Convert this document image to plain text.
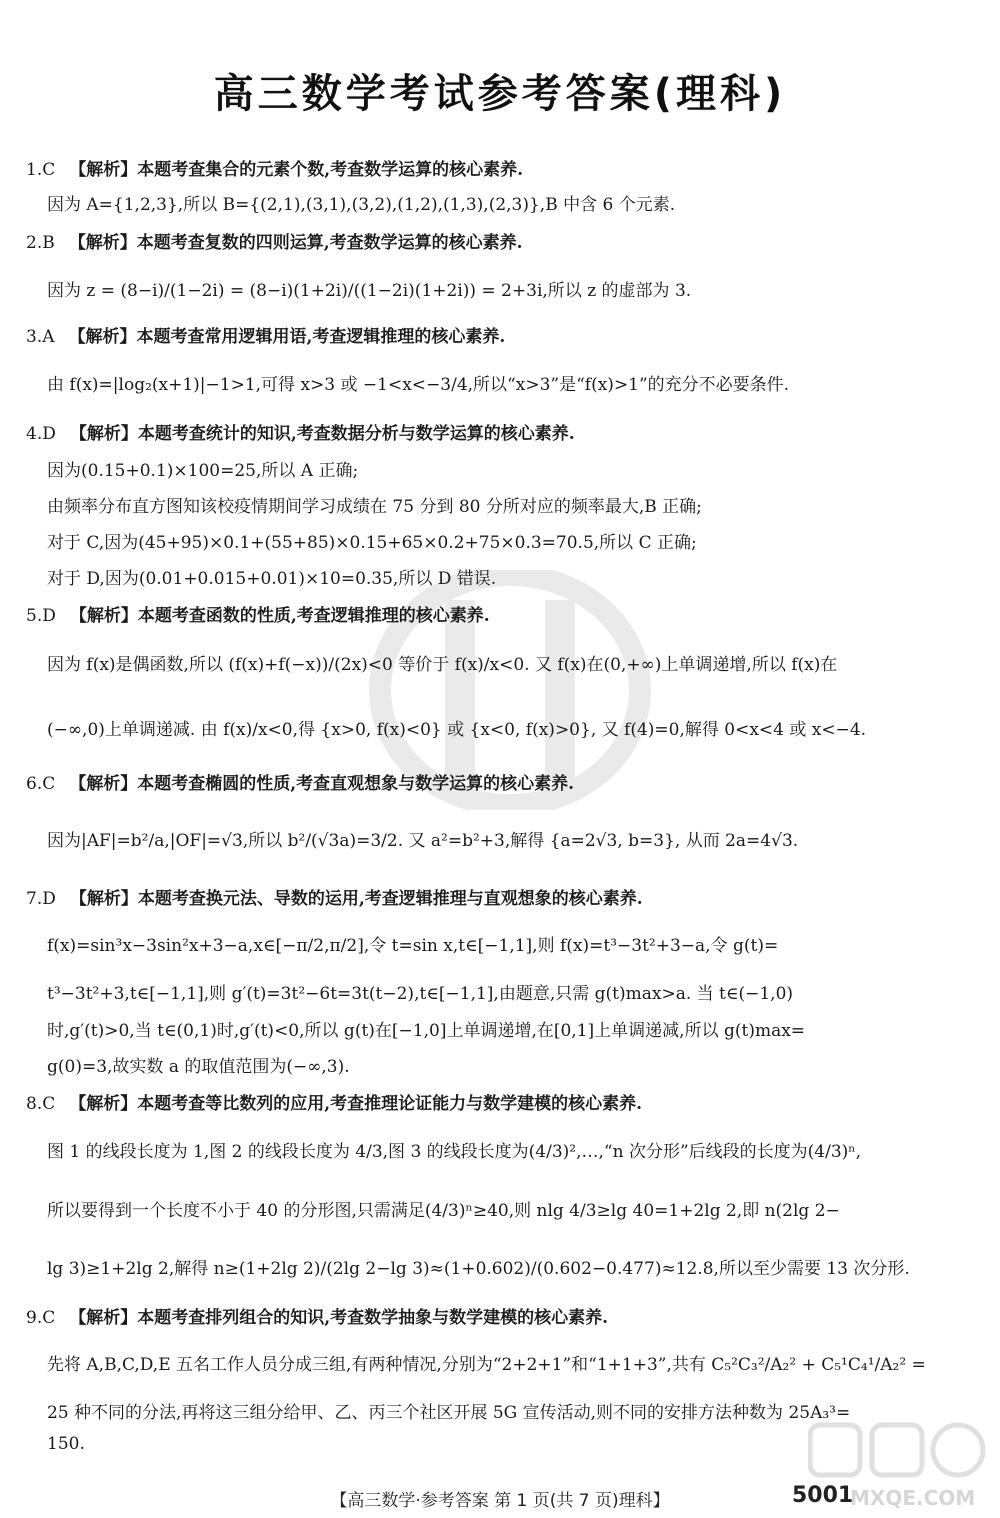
高三数学考试参考答案(理科)
1.C 【解析】本题考查集合的元素个数,考查数学运算的核心素养.
因为 A={1,2,3},所以 B={(2,1),(3,1),(3,2),(1,2),(1,3),(2,3)},B 中含 6 个元素.
2.B 【解析】本题考查复数的四则运算,考查数学运算的核心素养.
因为 z = (8−i)/(1−2i) = (8−i)(1+2i)/((1−2i)(1+2i)) = 2+3i,所以 z 的虚部为 3.
3.A 【解析】本题考查常用逻辑用语,考查逻辑推理的核心素养.
由 f(x)=|log₂(x+1)|−1>1,可得 x>3 或 −1<x<−3/4,所以“x>3”是“f(x)>1”的充分不必要条件.
4.D 【解析】本题考查统计的知识,考查数据分析与数学运算的核心素养.
因为(0.15+0.1)×100=25,所以 A 正确;
由频率分布直方图知该校疫情期间学习成绩在 75 分到 80 分所对应的频率最大,B 正确;
对于 C,因为(45+95)×0.1+(55+85)×0.15+65×0.2+75×0.3=70.5,所以 C 正确;
对于 D,因为(0.01+0.015+0.01)×10=0.35,所以 D 错误.
5.D 【解析】本题考查函数的性质,考查逻辑推理的核心素养.
因为 f(x)是偶函数,所以 (f(x)+f(−x))/(2x)<0 等价于 f(x)/x<0. 又 f(x)在(0,+∞)上单调递增,所以 f(x)在
(−∞,0)上单调递减. 由 f(x)/x<0,得 {x>0, f(x)<0} 或 {x<0, f(x)>0}, 又 f(4)=0,解得 0<x<4 或 x<−4.
6.C 【解析】本题考查椭圆的性质,考查直观想象与数学运算的核心素养.
因为|AF|=b²/a,|OF|=√3,所以 b²/(√3a)=3/2. 又 a²=b²+3,解得 {a=2√3, b=3}, 从而 2a=4√3.
7.D 【解析】本题考查换元法、导数的运用,考查逻辑推理与直观想象的核心素养.
f(x)=sin³x−3sin²x+3−a,x∈[−π/2,π/2],令 t=sin x,t∈[−1,1],则 f(x)=t³−3t²+3−a,令 g(t)=
t³−3t²+3,t∈[−1,1],则 g′(t)=3t²−6t=3t(t−2),t∈[−1,1],由题意,只需 g(t)max>a. 当 t∈(−1,0)
时,g′(t)>0,当 t∈(0,1)时,g′(t)<0,所以 g(t)在[−1,0]上单调递增,在[0,1]上单调递减,所以 g(t)max=
g(0)=3,故实数 a 的取值范围为(−∞,3).
8.C 【解析】本题考查等比数列的应用,考查推理论证能力与数学建模的核心素养.
图 1 的线段长度为 1,图 2 的线段长度为 4/3,图 3 的线段长度为(4/3)²,…,“n 次分形”后线段的长度为(4/3)ⁿ,
所以要得到一个长度不小于 40 的分形图,只需满足(4/3)ⁿ≥40,则 nlg 4/3≥lg 40=1+2lg 2,即 n(2lg 2−
lg 3)≥1+2lg 2,解得 n≥(1+2lg 2)/(2lg 2−lg 3)≈(1+0.602)/(0.602−0.477)≈12.8,所以至少需要 13 次分形.
9.C 【解析】本题考查排列组合的知识,考查数学抽象与数学建模的核心素养.
先将 A,B,C,D,E 五名工作人员分成三组,有两种情况,分别为“2+2+1”和“1+1+3”,共有 C₅²C₃²/A₂² + C₅¹C₄¹/A₂² =
25 种不同的分法,再将这三组分给甲、乙、丙三个社区开展 5G 宣传活动,则不同的安排方法种数为 25A₃³=
150.
【高三数学·参考答案 第 1 页(共 7 页)理科】	5001
MXQE.COM
